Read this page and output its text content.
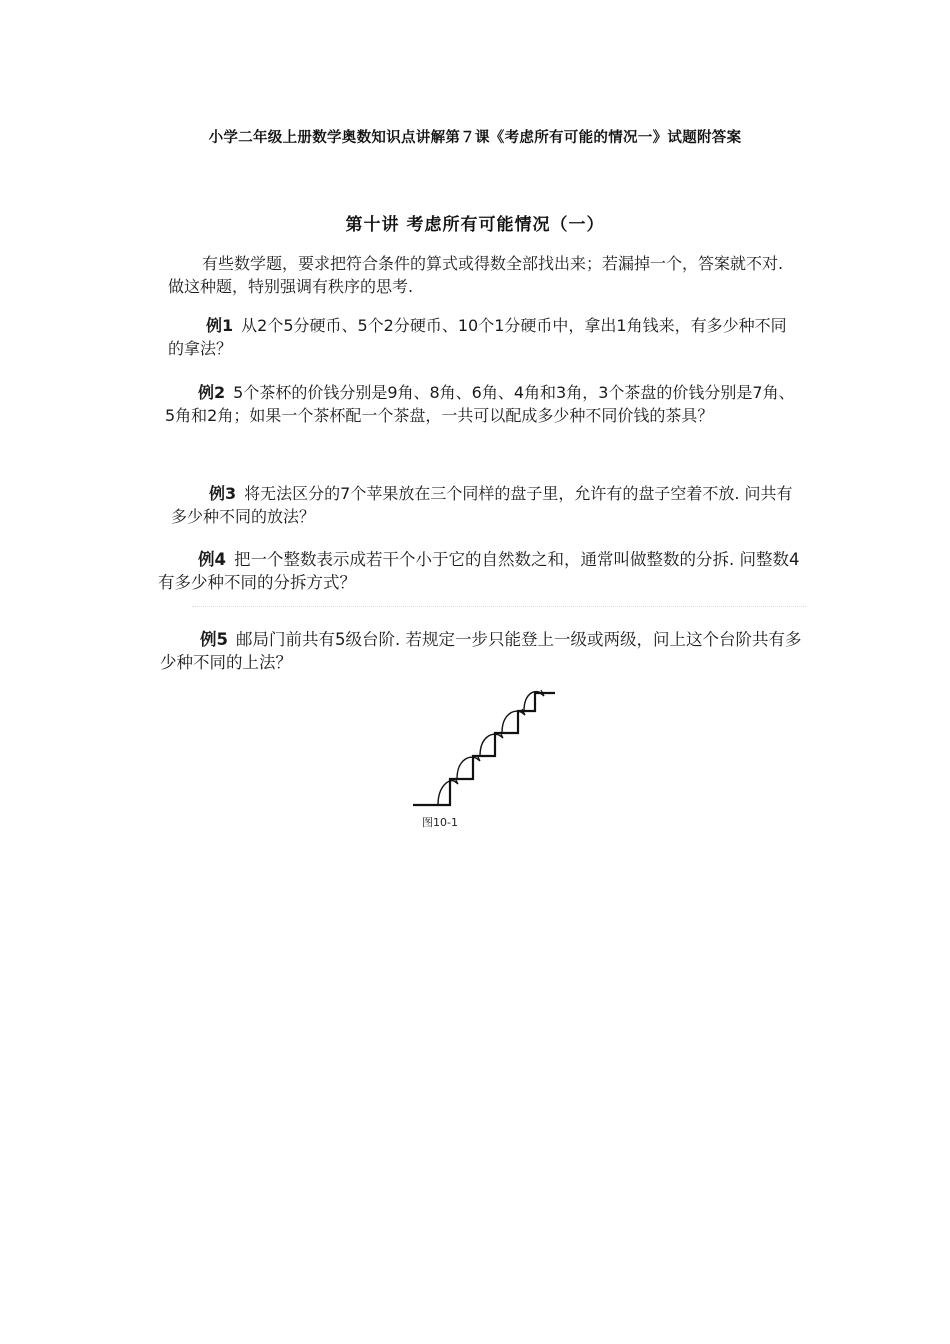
小学二年级上册数学奥数知识点讲解第７课《考虑所有可能的情况一》试题附答案
第十讲 考虑所有可能情况（一）
有些数学题，要求把符合条件的算式或得数全部找出来；若漏掉一个，答案就不对. 做这种题，特别强调有秩序的思考.
例1 从2个5分硬币、5个2分硬币、10个1分硬币中，拿出1角钱来，有多少种不同的拿法？
例2 5个茶杯的价钱分别是9角、8角、6角、4角和3角，3个茶盘的价钱分别是7角、5角和2角；如果一个茶杯配一个茶盘，一共可以配成多少种不同价钱的茶具？
例3 将无法区分的7个苹果放在三个同样的盘子里，允许有的盘子空着不放. 问共有多少种不同的放法？
例4 把一个整数表示成若干个小于它的自然数之和，通常叫做整数的分拆. 问整数4有多少种不同的分拆方式？
例5 邮局门前共有5级台阶. 若规定一步只能登上一级或两级，问上这个台阶共有多少种不同的上法？
图10-1
